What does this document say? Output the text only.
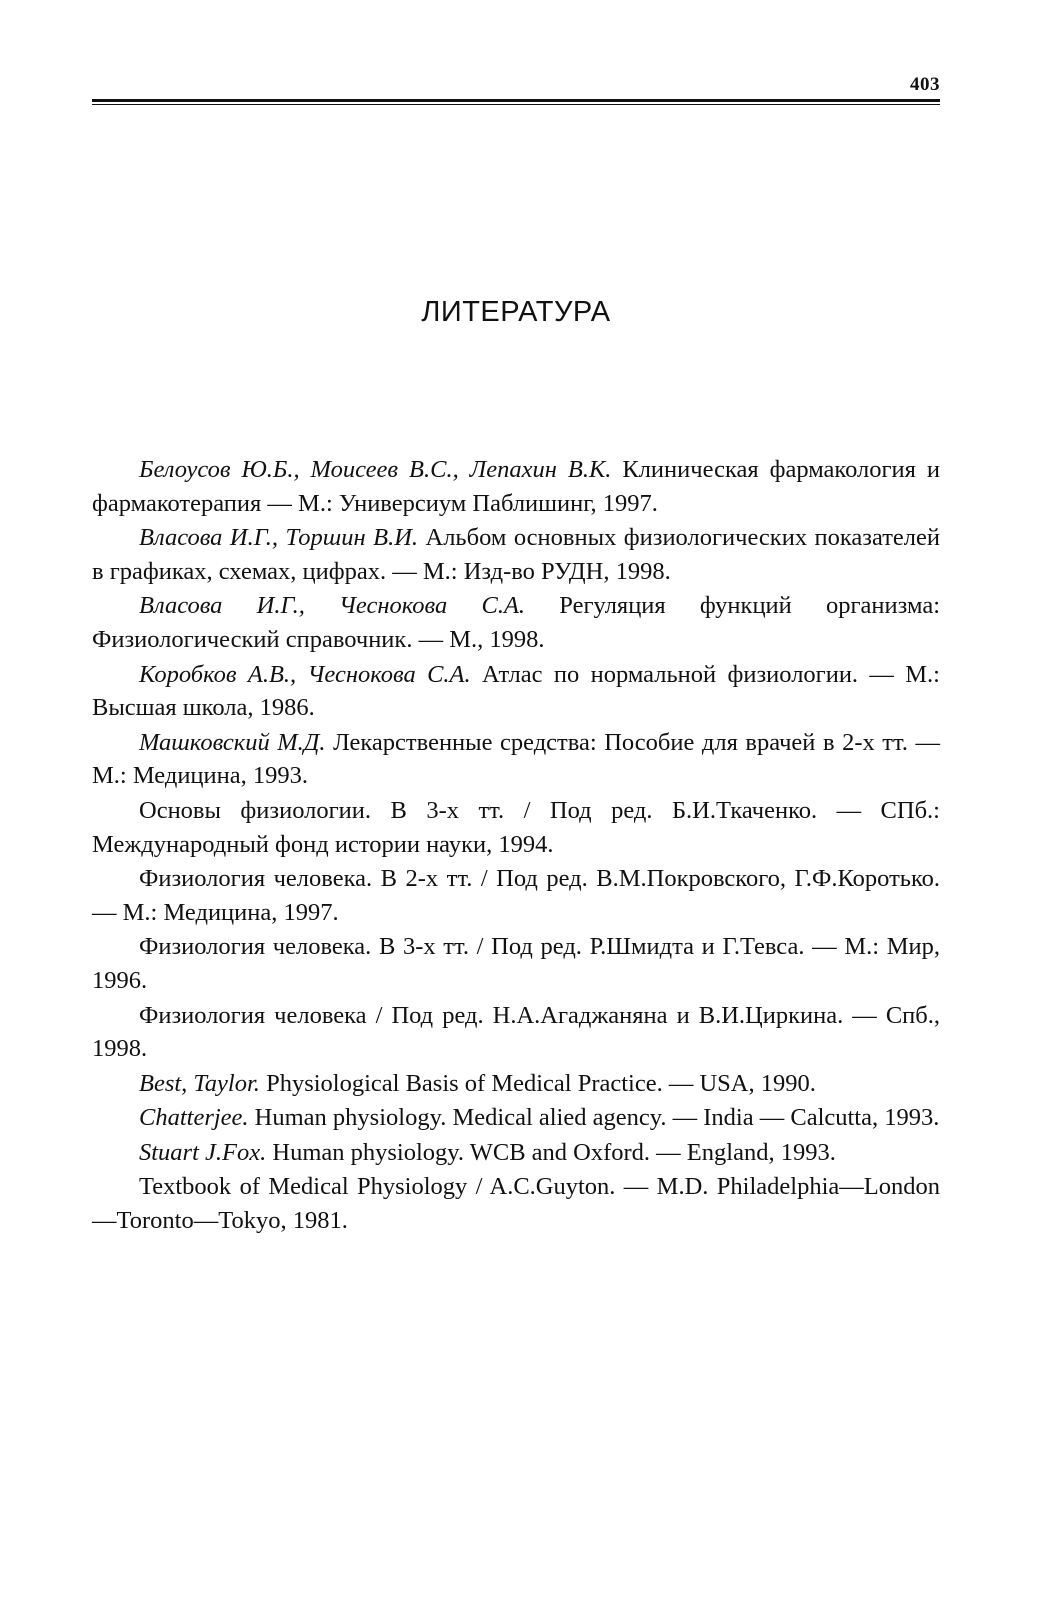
403
ЛИТЕРАТУРА
Белоусов Ю.Б., Моисеев В.С., Лепахин В.К. Клиническая фармакология и фармакотерапия — М.: Универсиум Паблишинг, 1997.
Власова И.Г., Торшин В.И. Альбом основных физиологических показателей в графиках, схемах, цифрах. — М.: Изд-во РУДН, 1998.
Власова И.Г., Чеснокова С.А. Регуляция функций организма: Физиологический справочник. — М., 1998.
Коробков А.В., Чеснокова С.А. Атлас по нормальной физиологии. — М.: Высшая школа, 1986.
Машковский М.Д. Лекарственные средства: Пособие для врачей в 2-х тт. — М.: Медицина, 1993.
Основы физиологии. В 3-х тт. / Под ред. Б.И.Ткаченко. — СПб.: Международный фонд истории науки, 1994.
Физиология человека. В 2-х тт. / Под ред. В.М.Покровского, Г.Ф.Коротько. — М.: Медицина, 1997.
Физиология человека. В 3-х тт. / Под ред. Р.Шмидта и Г.Тевса. — М.: Мир, 1996.
Физиология человека / Под ред. Н.А.Агаджаняна и В.И.Циркина. — Спб., 1998.
Best, Taylor. Physiological Basis of Medical Practice. — USA, 1990.
Chatterjee. Human physiology. Medical alied agency. — India — Calcutta, 1993.
Stuart J.Fox. Human physiology. WCB and Oxford. — England, 1993.
Textbook of Medical Physiology / A.C.Guyton. — M.D. Philadelphia—London—Toronto—Tokyo, 1981.
